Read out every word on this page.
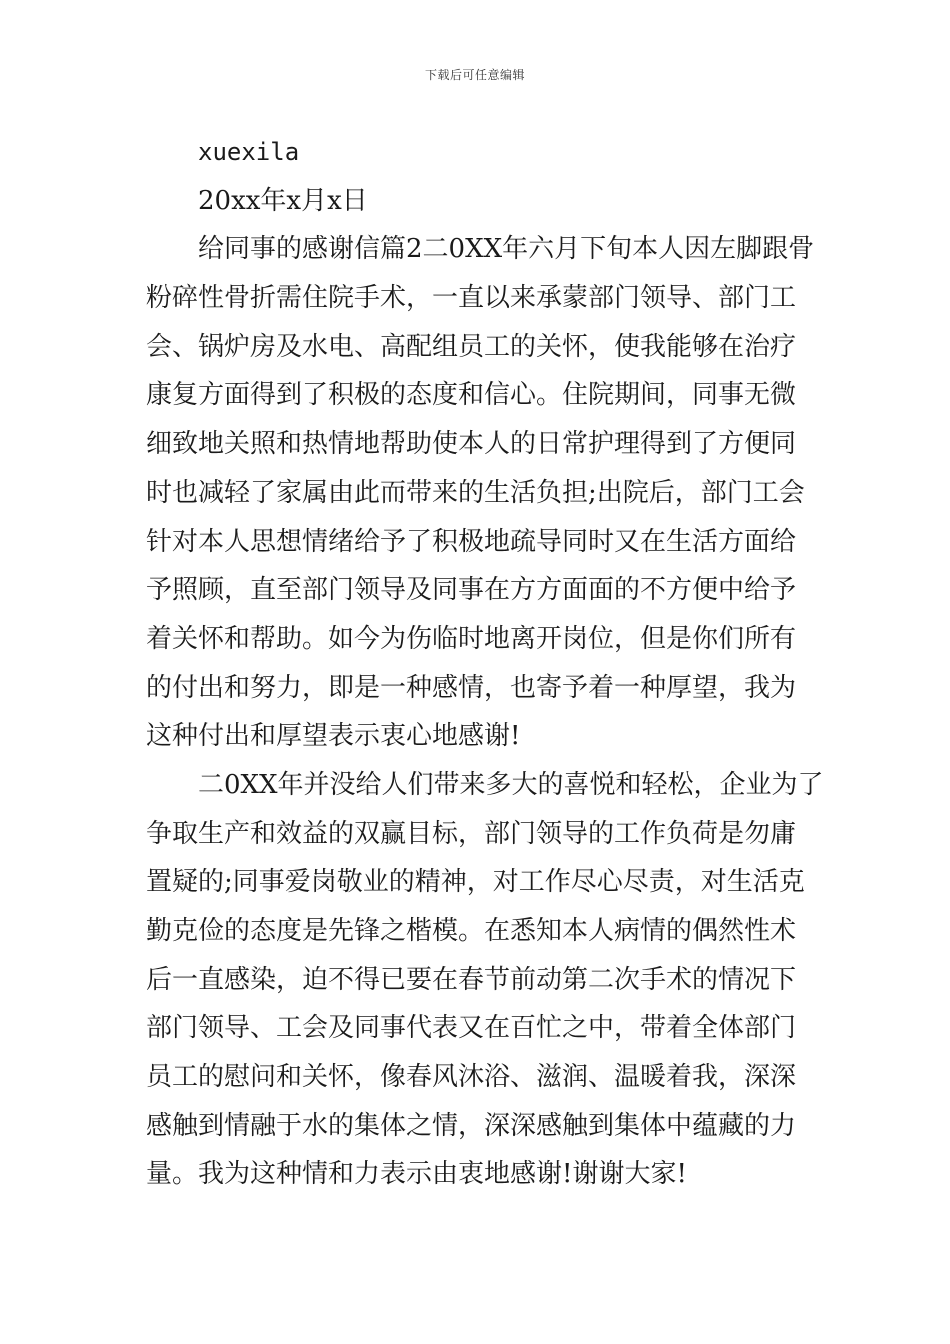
下载后可任意编辑
xuexila
20xx年x月x日
给同事的感谢信篇2二0XX年六月下旬本人因左脚跟骨
粉碎性骨折需住院手术，一直以来承蒙部门领导、部门工
会、锅炉房及水电、高配组员工的关怀，使我能够在治疗
康复方面得到了积极的态度和信心。住院期间，同事无微
细致地关照和热情地帮助使本人的日常护理得到了方便同
时也减轻了家属由此而带来的生活负担;出院后，部门工会
针对本人思想情绪给予了积极地疏导同时又在生活方面给
予照顾，直至部门领导及同事在方方面面的不方便中给予
着关怀和帮助。如今为伤临时地离开岗位，但是你们所有
的付出和努力，即是一种感情，也寄予着一种厚望，我为
这种付出和厚望表示衷心地感谢!
二0XX年并没给人们带来多大的喜悦和轻松，企业为了
争取生产和效益的双赢目标，部门领导的工作负荷是勿庸
置疑的;同事爱岗敬业的精神，对工作尽心尽责，对生活克
勤克俭的态度是先锋之楷模。在悉知本人病情的偶然性术
后一直感染，迫不得已要在春节前动第二次手术的情况下
部门领导、工会及同事代表又在百忙之中，带着全体部门
员工的慰问和关怀，像春风沐浴、滋润、温暖着我，深深
感触到情融于水的集体之情，深深感触到集体中蕴藏的力
量。我为这种情和力表示由衷地感谢!谢谢大家!
